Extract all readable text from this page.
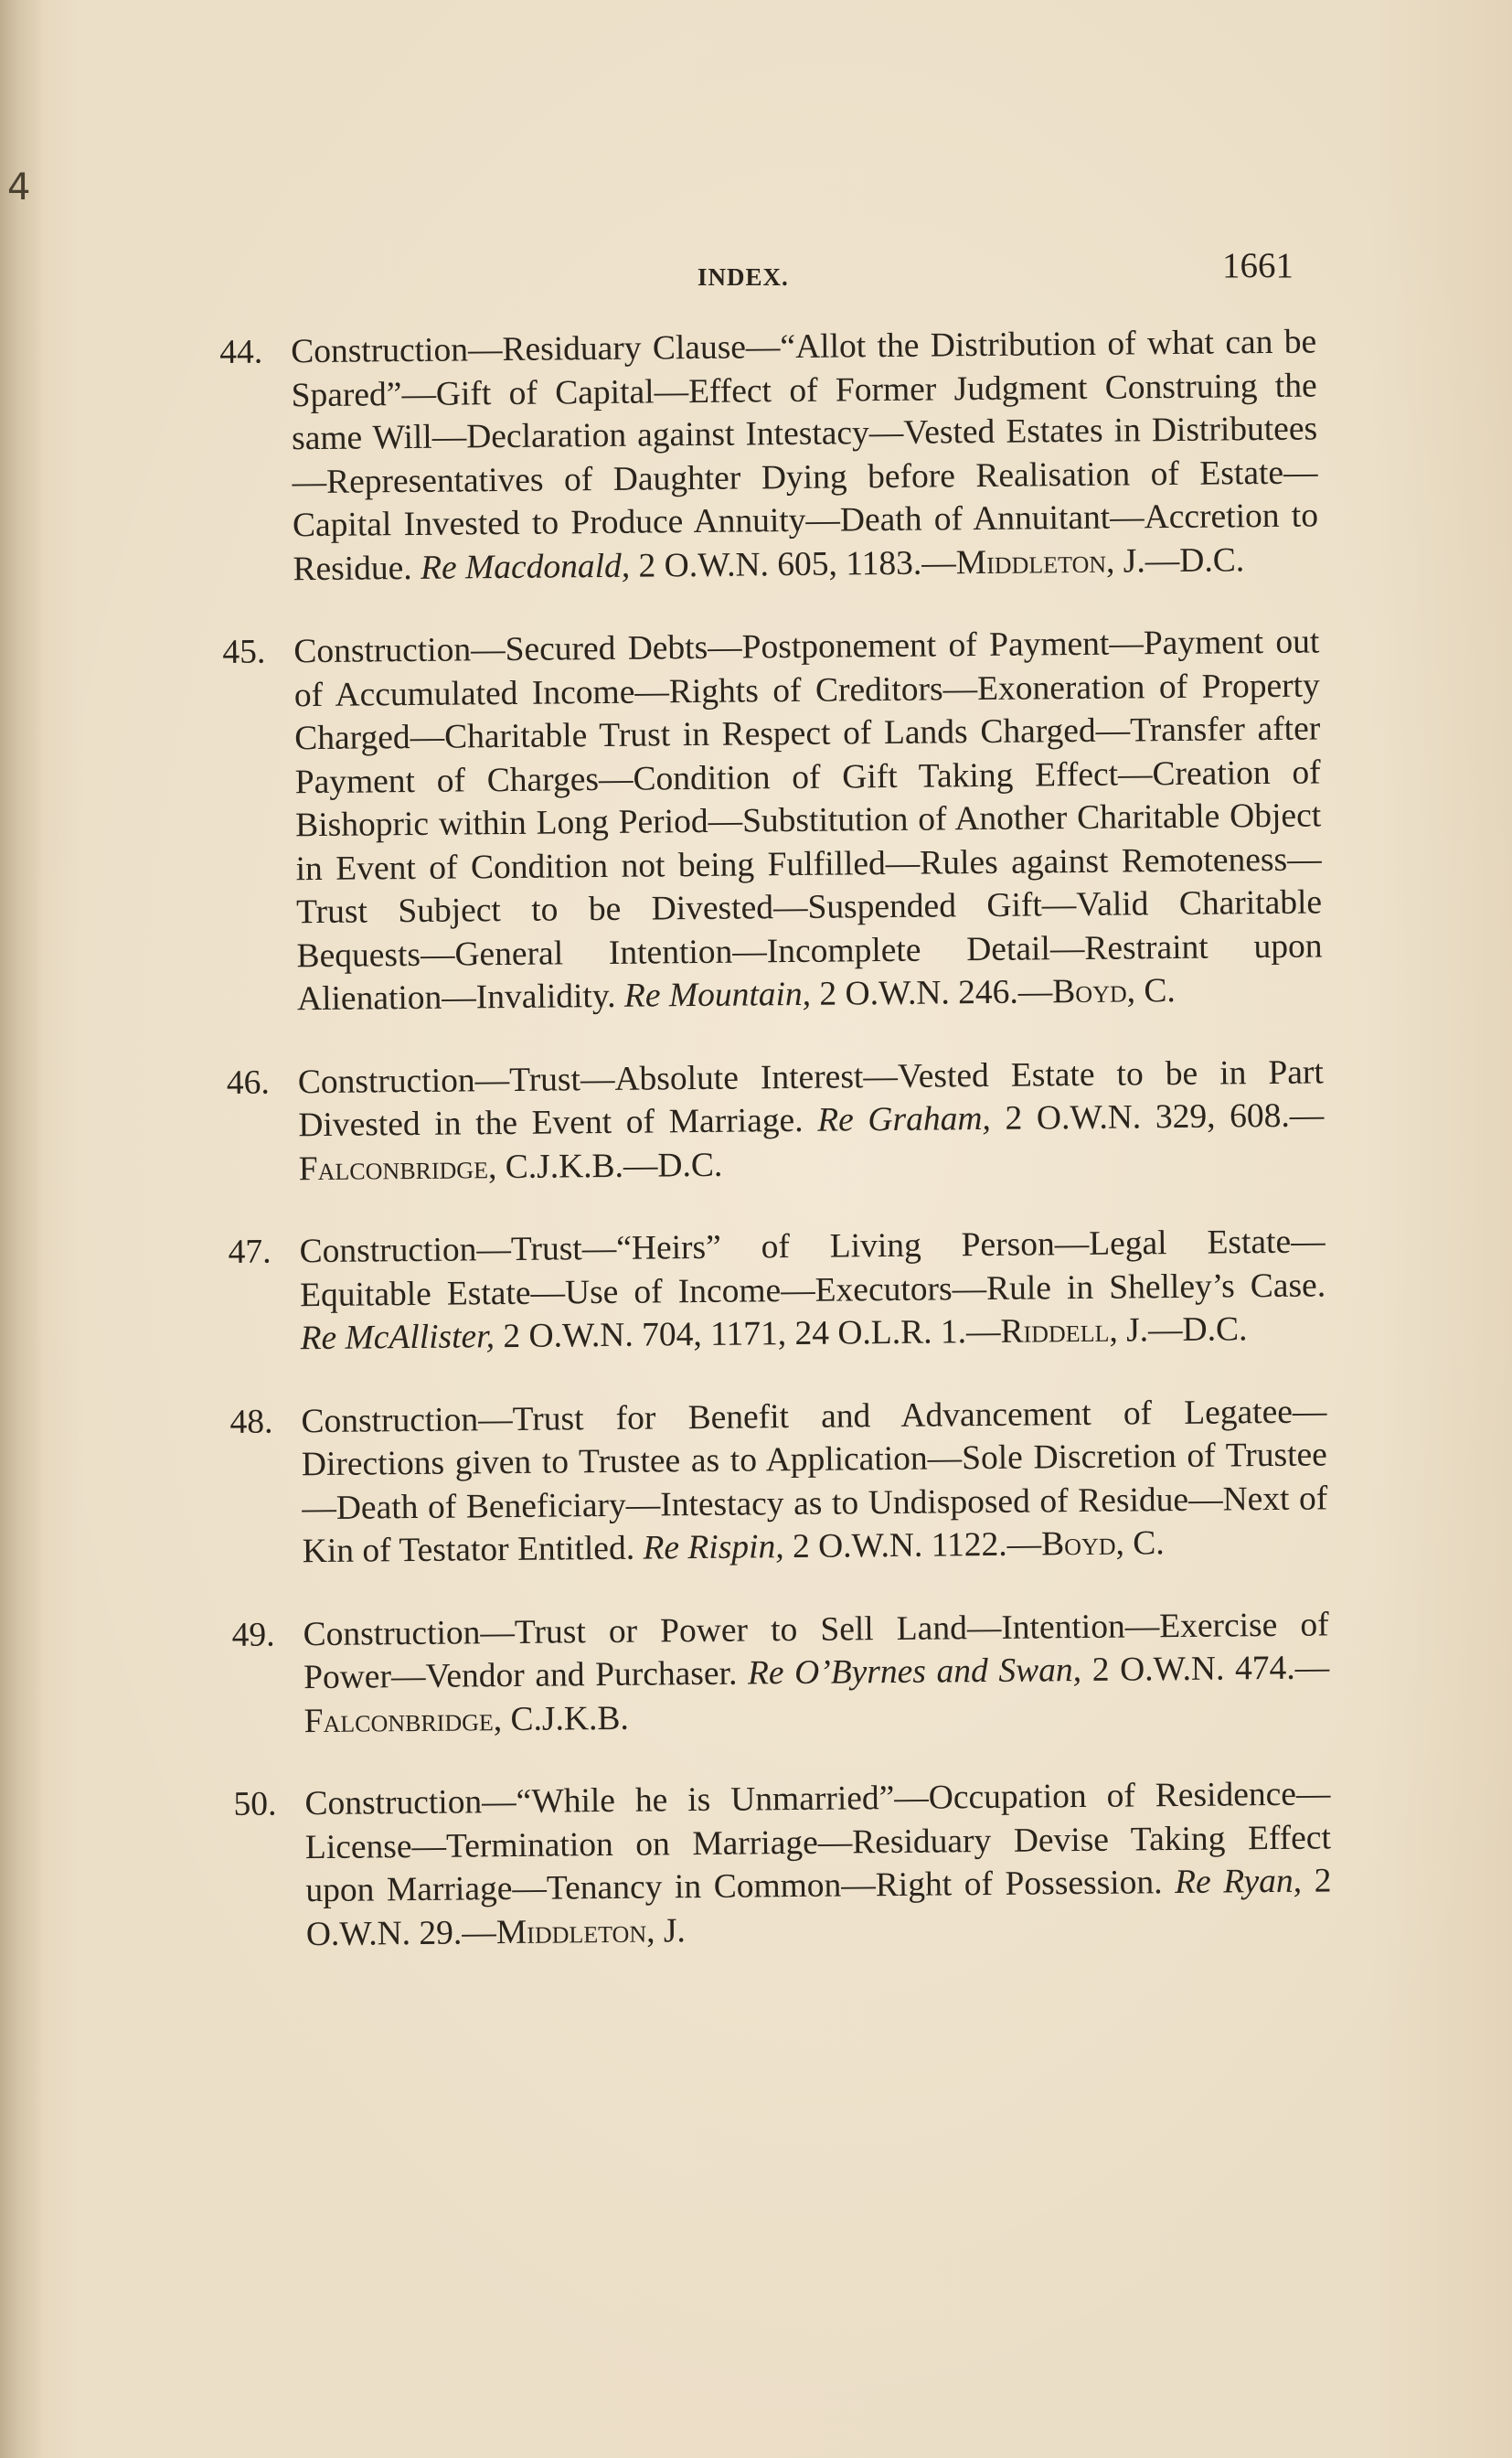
4
INDEX.	1661

44. Construction—Residuary Clause—“Allot the Distribution of what can be Spared”—Gift of Capital—Effect of Former Judgment Construing the same Will—Declaration against Intestacy—Vested Estates in Distributees—Representatives of Daughter Dying before Realisation of Estate—Capital Invested to Produce Annuity—Death of Annuitant—Accretion to Residue. Re Macdonald, 2 O.W.N. 605, 1183.—Middleton, J.—D.C.

45. Construction—Secured Debts—Postponement of Payment—Payment out of Accumulated Income—Rights of Creditors—Exoneration of Property Charged—Charitable Trust in Respect of Lands Charged—Transfer after Payment of Charges—Condition of Gift Taking Effect—Creation of Bishopric within Long Period—Substitution of Another Charitable Object in Event of Condition not being Fulfilled—Rules against Remoteness—Trust Subject to be Divested—Suspended Gift—Valid Charitable Bequests—General Intention—Incomplete Detail—Restraint upon Alienation—Invalidity. Re Mountain, 2 O.W.N. 246.—Boyd, C.

46. Construction—Trust—Absolute Interest—Vested Estate to be in Part Divested in the Event of Marriage. Re Graham, 2 O.W.N. 329, 608.—Falconbridge, C.J.K.B.—D.C.

47. Construction—Trust—“Heirs” of Living Person—Legal Estate—Equitable Estate—Use of Income—Executors—Rule in Shelley’s Case. Re McAllister, 2 O.W.N. 704, 1171, 24 O.L.R. 1.—Riddell, J.—D.C.

48. Construction—Trust for Benefit and Advancement of Legatee—Directions given to Trustee as to Application—Sole Discretion of Trustee—Death of Beneficiary—Intestacy as to Undisposed of Residue—Next of Kin of Testator Entitled. Re Rispin, 2 O.W.N. 1122.—Boyd, C.

49. Construction—Trust or Power to Sell Land—Intention—Exercise of Power—Vendor and Purchaser. Re O’Byrnes and Swan, 2 O.W.N. 474.—Falconbridge, C.J.K.B.

50. Construction—“While he is Unmarried”—Occupation of Residence—License—Termination on Marriage—Residuary Devise Taking Effect upon Marriage—Tenancy in Common—Right of Possession. Re Ryan, 2 O.W.N. 29.—Middleton, J.
